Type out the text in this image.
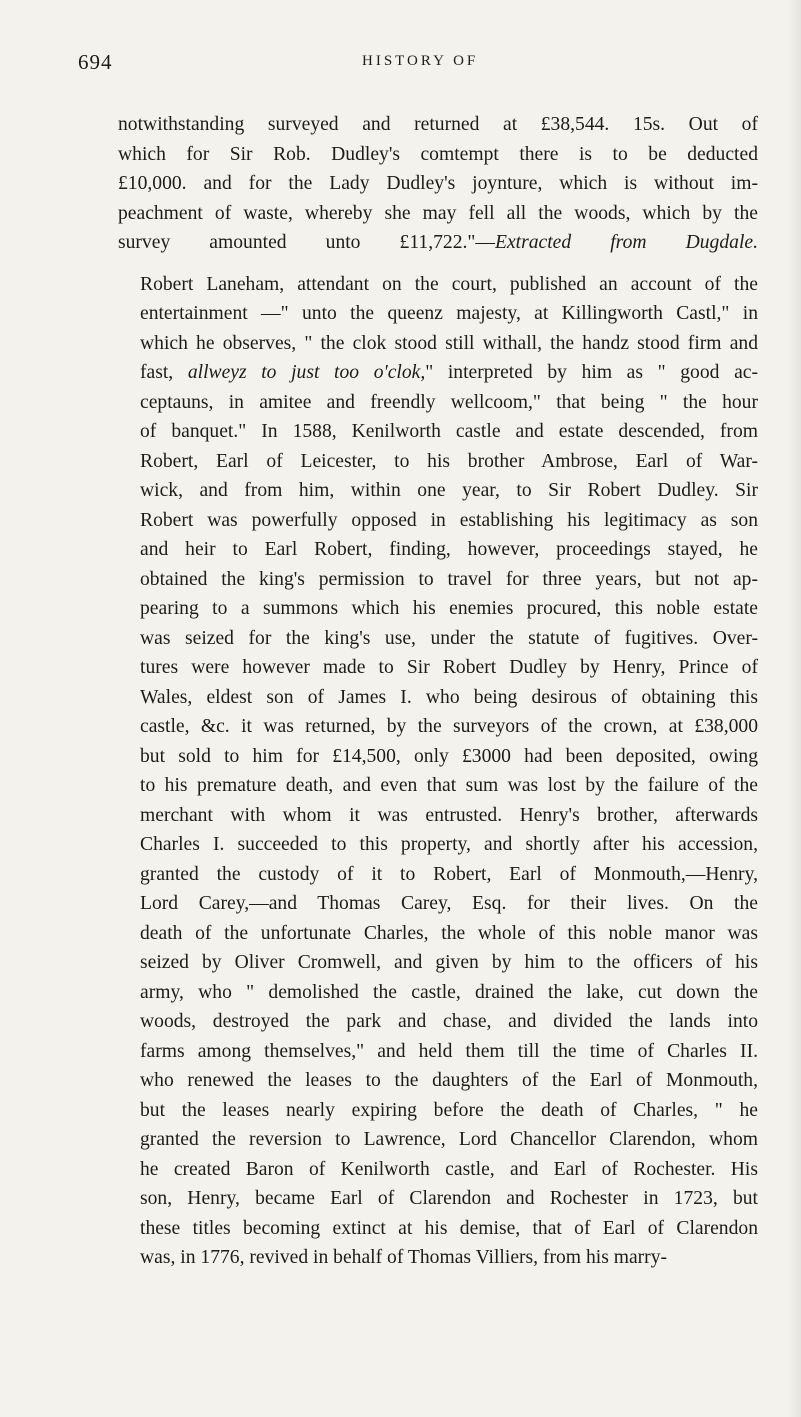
694	HISTORY OF

notwithstanding surveyed and returned at £38,544. 15s. Out of
which for Sir Rob. Dudley's comtempt there is to be deducted
£10,000. and for the Lady Dudley's joynture, which is without im-
peachment of waste, whereby she may fell all the woods, which by the
survey amounted unto £11,722."—Extracted from Dugdale.

Robert Laneham, attendant on the court, published an account of the
entertainment —" unto the queenz majesty, at Killingworth Castl," in
which he observes, " the clok stood still withall, the handz stood firm and
fast, allweyz to just too o'clok," interpreted by him as " good ac-
ceptauns, in amitee and freendly wellcoom," that being " the hour
of banquet." In 1588, Kenilworth castle and estate descended, from
Robert, Earl of Leicester, to his brother Ambrose, Earl of War-
wick, and from him, within one year, to Sir Robert Dudley. Sir
Robert was powerfully opposed in establishing his legitimacy as son
and heir to Earl Robert, finding, however, proceedings stayed, he
obtained the king's permission to travel for three years, but not ap-
pearing to a summons which his enemies procured, this noble estate
was seized for the king's use, under the statute of fugitives. Over-
tures were however made to Sir Robert Dudley by Henry, Prince of
Wales, eldest son of James I. who being desirous of obtaining this
castle, &c. it was returned, by the surveyors of the crown, at £38,000
but sold to him for £14,500, only £3000 had been deposited, owing
to his premature death, and even that sum was lost by the failure of the
merchant with whom it was entrusted. Henry's brother, afterwards
Charles I. succeeded to this property, and shortly after his accession,
granted the custody of it to Robert, Earl of Monmouth,—Henry,
Lord Carey,—and Thomas Carey, Esq. for their lives. On the
death of the unfortunate Charles, the whole of this noble manor was
seized by Oliver Cromwell, and given by him to the officers of his
army, who " demolished the castle, drained the lake, cut down the
woods, destroyed the park and chase, and divided the lands into
farms among themselves," and held them till the time of Charles II.
who renewed the leases to the daughters of the Earl of Monmouth,
but the leases nearly expiring before the death of Charles, " he
granted the reversion to Lawrence, Lord Chancellor Clarendon, whom
he created Baron of Kenilworth castle, and Earl of Rochester. His
son, Henry, became Earl of Clarendon and Rochester in 1723, but
these titles becoming extinct at his demise, that of Earl of Clarendon
was, in 1776, revived in behalf of Thomas Villiers, from his marry-
